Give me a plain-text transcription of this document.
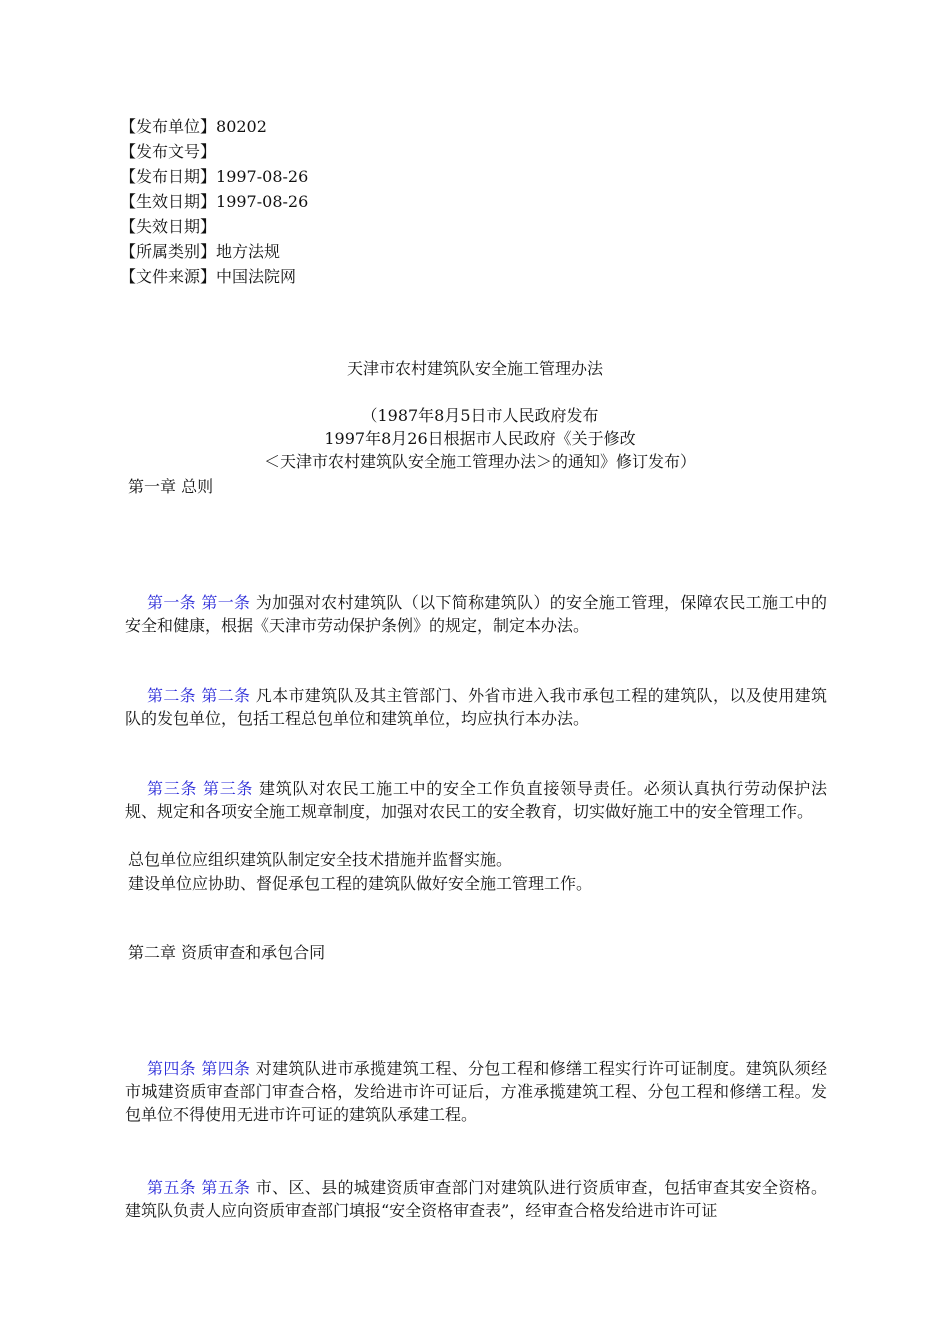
【发布单位】80202
【发布文号】
【发布日期】1997-08-26
【生效日期】1997-08-26
【失效日期】
【所属类别】地方法规
【文件来源】中国法院网
天津市农村建筑队安全施工管理办法
（1987年8月5日市人民政府发布
1997年8月26日根据市人民政府《关于修改
＜天津市农村建筑队安全施工管理办法＞的通知》修订发布）
第一章 总则
第一条 第一条 为加强对农村建筑队（以下简称建筑队）的安全施工管理，保障农民工施工中的安全和健康，根据《天津市劳动保护条例》的规定，制定本办法。
第二条 第二条 凡本市建筑队及其主管部门、外省市进入我市承包工程的建筑队，以及使用建筑队的发包单位，包括工程总包单位和建筑单位，均应执行本办法。
第三条 第三条 建筑队对农民工施工中的安全工作负直接领导责任。必须认真执行劳动保护法规、规定和各项安全施工规章制度，加强对农民工的安全教育，切实做好施工中的安全管理工作。
总包单位应组织建筑队制定安全技术措施并监督实施。
建设单位应协助、督促承包工程的建筑队做好安全施工管理工作。
第二章 资质审查和承包合同
第四条 第四条 对建筑队进市承揽建筑工程、分包工程和修缮工程实行许可证制度。建筑队须经市城建资质审查部门审查合格，发给进市许可证后，方准承揽建筑工程、分包工程和修缮工程。发包单位不得使用无进市许可证的建筑队承建工程。
第五条 第五条 市、区、县的城建资质审查部门对建筑队进行资质审查，包括审查其安全资格。建筑队负责人应向资质审查部门填报“安全资格审查表”，经审查合格发给进市许可证
